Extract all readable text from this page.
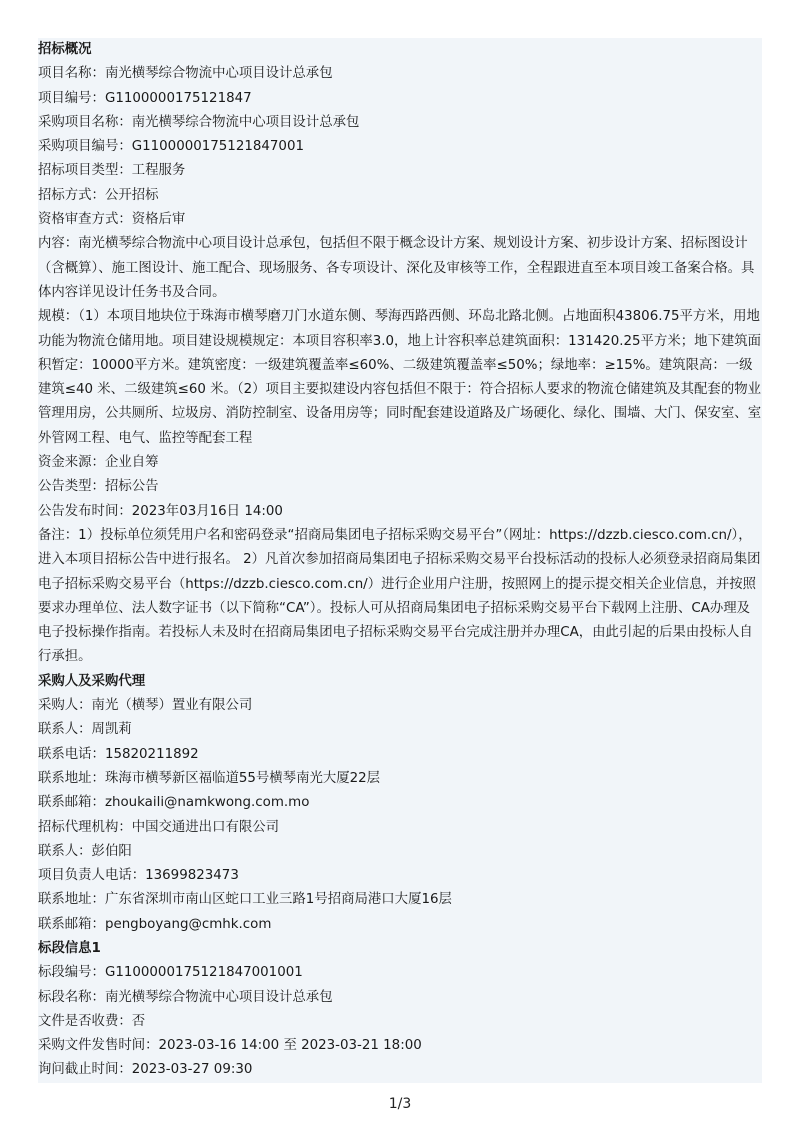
招标概况
项目名称：南光横琴综合物流中心项目设计总承包
项目编号：G1100000175121847
采购项目名称：南光横琴综合物流中心项目设计总承包
采购项目编号：G1100000175121847001
招标项目类型：工程服务
招标方式：公开招标
资格审查方式：资格后审
内容：南光横琴综合物流中心项目设计总承包，包括但不限于概念设计方案、规划设计方案、初步设计方案、招标图设计（含概算）、施工图设计、施工配合、现场服务、各专项设计、深化及审核等工作，全程跟进直至本项目竣工备案合格。具体内容详见设计任务书及合同。
规模：（1）本项目地块位于珠海市横琴磨刀门水道东侧、琴海西路西侧、环岛北路北侧。占地面积43806.75平方米，用地功能为物流仓储用地。项目建设规模规定：本项目容积率3.0，地上计容积率总建筑面积：131420.25平方米；地下建筑面积暂定：10000平方米。建筑密度：一级建筑覆盖率≤60%、二级建筑覆盖率≤50%；绿地率：≥15%。建筑限高：一级建筑≤40 米、二级建筑≤60 米。（2）项目主要拟建设内容包括但不限于：符合招标人要求的物流仓储建筑及其配套的物业管理用房，公共厕所、垃圾房、消防控制室、设备用房等；同时配套建设道路及广场硬化、绿化、围墙、大门、保安室、室外管网工程、电气、监控等配套工程
资金来源：企业自筹
公告类型：招标公告
公告发布时间：2023年03月16日 14:00
备注：1）投标单位须凭用户名和密码登录“招商局集团电子招标采购交易平台”（网址：https://dzzb.ciesco.com.cn/），进入本项目招标公告中进行报名。 2）凡首次参加招商局集团电子招标采购交易平台投标活动的投标人必须登录招商局集团电子招标采购交易平台（https://dzzb.ciesco.com.cn/）进行企业用户注册，按照网上的提示提交相关企业信息，并按照要求办理单位、法人数字证书（以下简称“CA”）。投标人可从招商局集团电子招标采购交易平台下载网上注册、CA办理及电子投标操作指南。若投标人未及时在招商局集团电子招标采购交易平台完成注册并办理CA，由此引起的后果由投标人自行承担。
采购人及采购代理
采购人：南光（横琴）置业有限公司
联系人：周凯莉
联系电话：15820211892
联系地址：珠海市横琴新区福临道55号横琴南光大厦22层
联系邮箱：zhoukaili@namkwong.com.mo
招标代理机构：中国交通进出口有限公司
联系人：彭伯阳
项目负责人电话：13699823473
联系地址：广东省深圳市南山区蛇口工业三路1号招商局港口大厦16层
联系邮箱：pengboyang@cmhk.com
标段信息1
标段编号：G1100000175121847001001
标段名称：南光横琴综合物流中心项目设计总承包
文件是否收费：否
采购文件发售时间：2023-03-16 14:00 至 2023-03-21 18:00
询问截止时间：2023-03-27 09:30
1/3
